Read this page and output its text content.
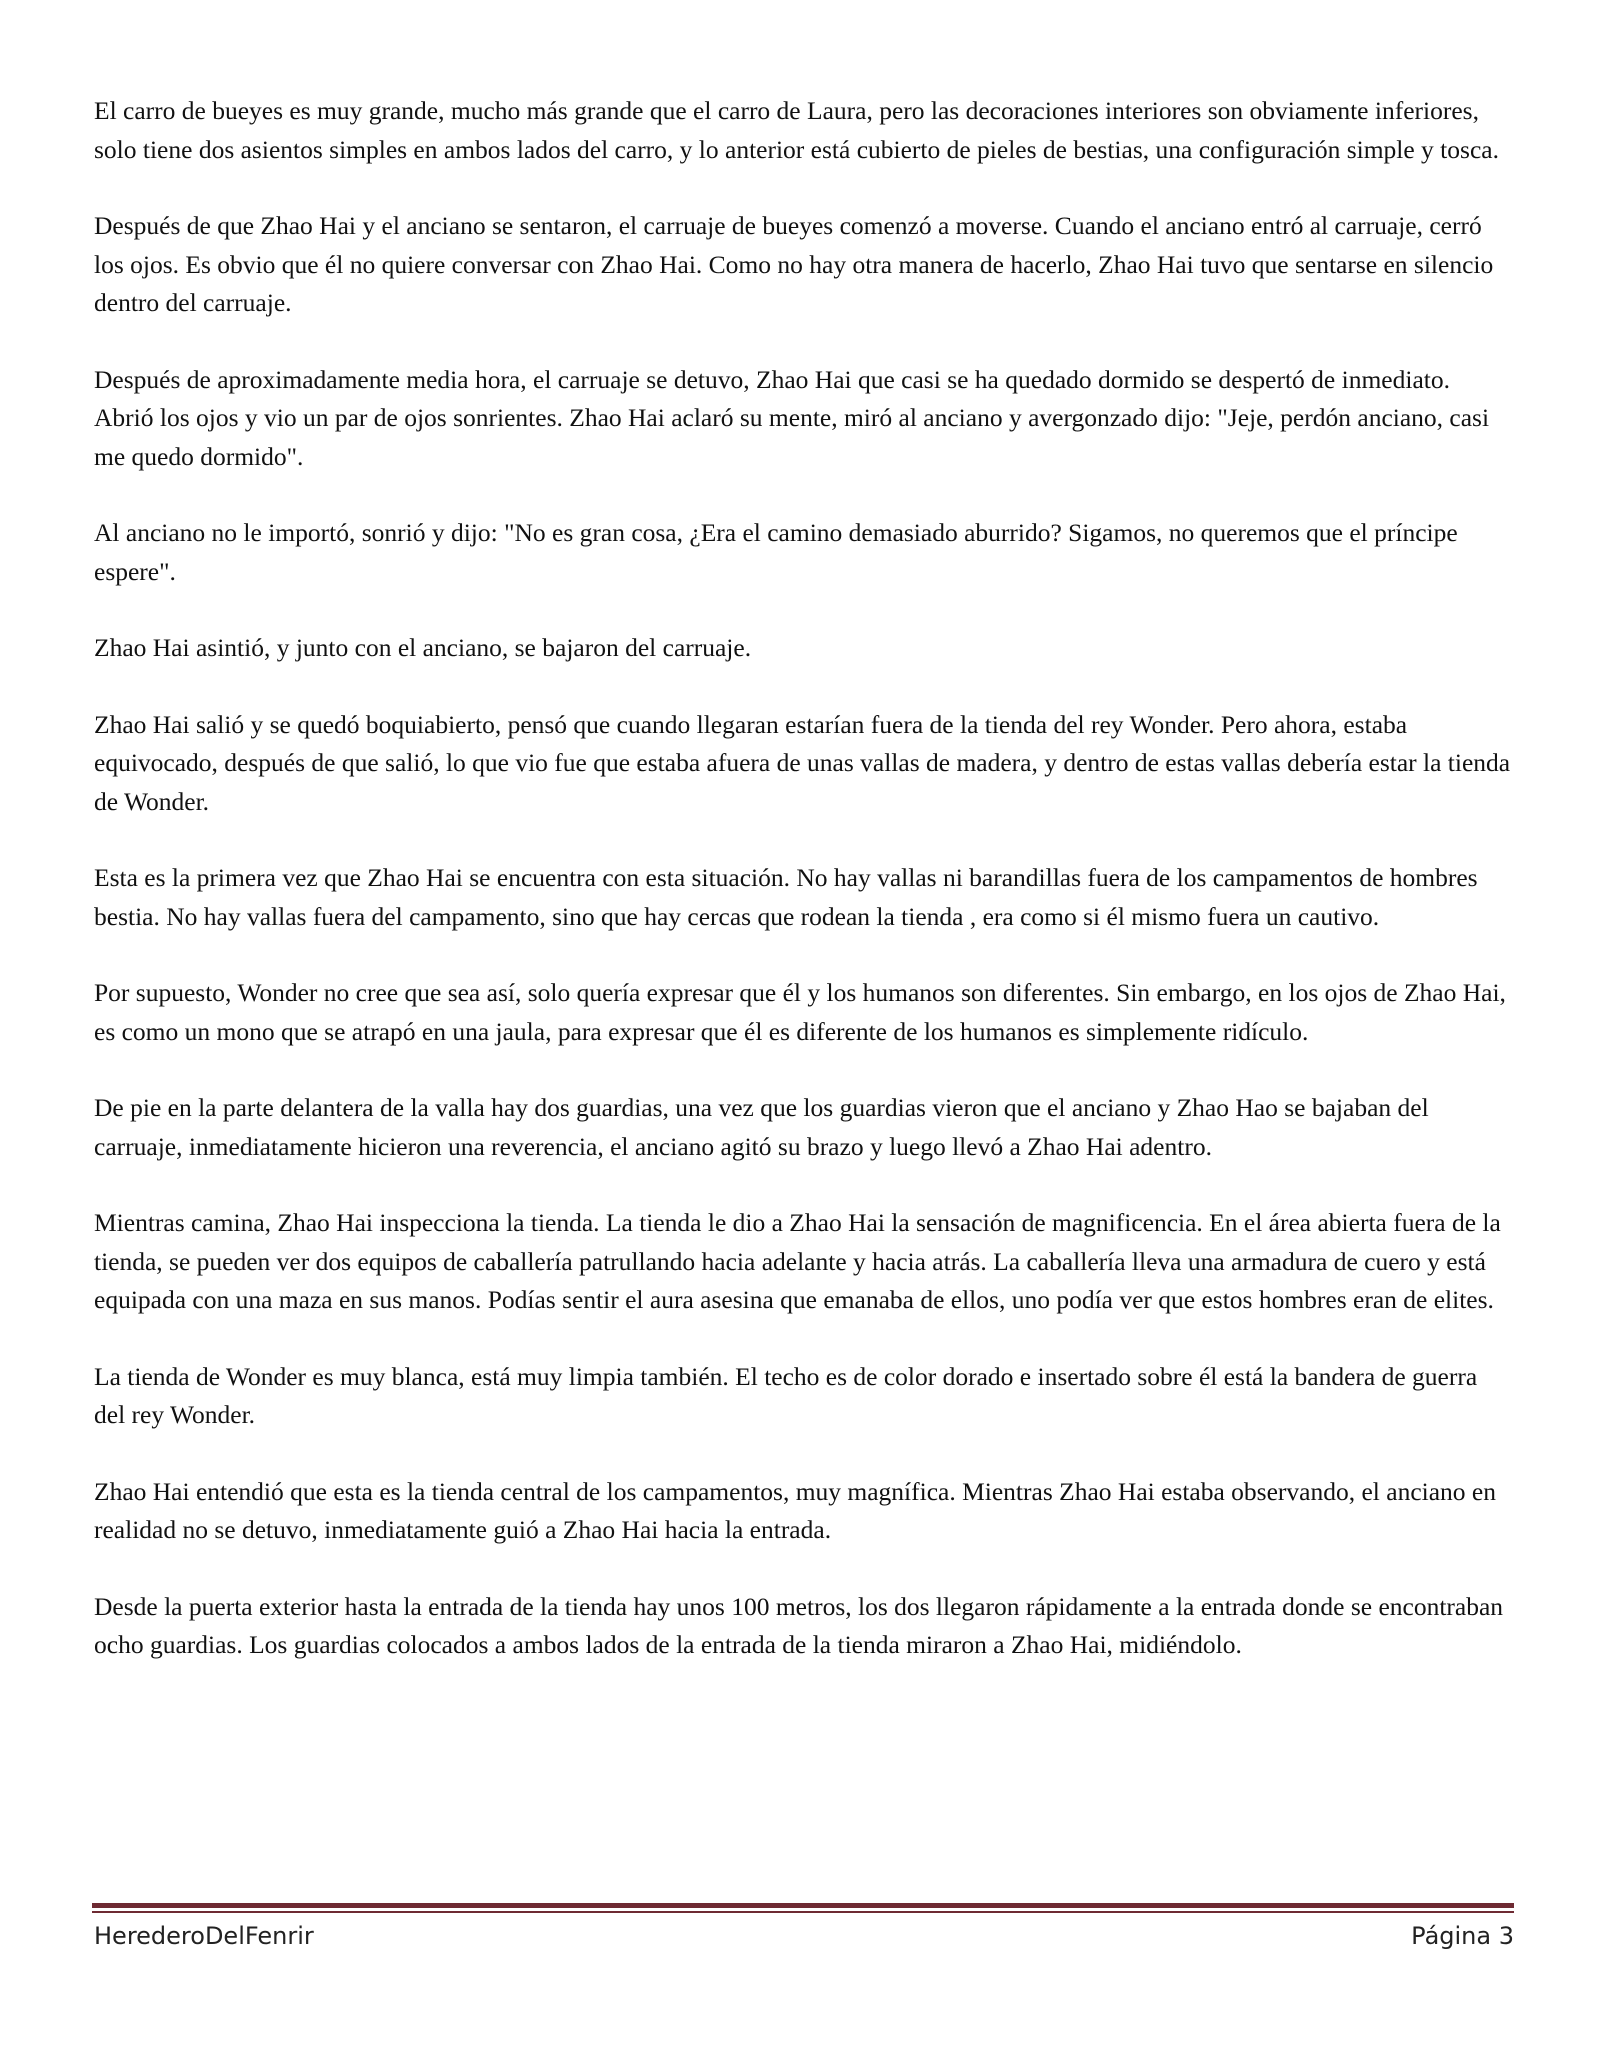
El carro de bueyes es muy grande, mucho más grande que el carro de Laura, pero las decoraciones interiores son obviamente inferiores, solo tiene dos asientos simples en ambos lados del carro, y lo anterior está cubierto de pieles de bestias, una configuración simple y tosca.

Después de que Zhao Hai y el anciano se sentaron, el carruaje de bueyes comenzó a moverse. Cuando el anciano entró al carruaje, cerró los ojos. Es obvio que él no quiere conversar con Zhao Hai. Como no hay otra manera de hacerlo, Zhao Hai tuvo que sentarse en silencio dentro del carruaje.

Después de aproximadamente media hora, el carruaje se detuvo, Zhao Hai que casi se ha quedado dormido se despertó de inmediato. Abrió los ojos y vio un par de ojos sonrientes. Zhao Hai aclaró su mente, miró al anciano y avergonzado dijo: "Jeje, perdón anciano, casi me quedo dormido".

Al anciano no le importó, sonrió y dijo: "No es gran cosa, ¿Era el camino demasiado aburrido? Sigamos, no queremos que el príncipe espere".

Zhao Hai asintió, y junto con el anciano, se bajaron del carruaje.

Zhao Hai salió y se quedó boquiabierto, pensó que cuando llegaran estarían fuera de la tienda del rey Wonder. Pero ahora, estaba equivocado, después de que salió, lo que vio fue que estaba afuera de unas vallas de madera, y dentro de estas vallas debería estar la tienda de Wonder.

Esta es la primera vez que Zhao Hai se encuentra con esta situación. No hay vallas ni barandillas fuera de los campamentos de hombres bestia. No hay vallas fuera del campamento, sino que hay cercas que rodean la tienda , era como si él mismo fuera un cautivo.

Por supuesto, Wonder no cree que sea así, solo quería expresar que él y los humanos son diferentes. Sin embargo, en los ojos de Zhao Hai, es como un mono que se atrapó en una jaula, para expresar que él es diferente de los humanos es simplemente ridículo.

De pie en la parte delantera de la valla hay dos guardias, una vez que los guardias vieron que el anciano y Zhao Hao se bajaban del carruaje, inmediatamente hicieron una reverencia, el anciano agitó su brazo y luego llevó a Zhao Hai adentro.

Mientras camina, Zhao Hai inspecciona la tienda. La tienda le dio a Zhao Hai la sensación de magnificencia. En el área abierta fuera de la tienda, se pueden ver dos equipos de caballería patrullando hacia adelante y hacia atrás. La caballería lleva una armadura de cuero y está equipada con una maza en sus manos. Podías sentir el aura asesina que emanaba de ellos, uno podía ver que estos hombres eran de elites.

La tienda de Wonder es muy blanca, está muy limpia también. El techo es de color dorado e insertado sobre él está la bandera de guerra del rey Wonder.

Zhao Hai entendió que esta es la tienda central de los campamentos, muy magnífica. Mientras Zhao Hai estaba observando, el anciano en realidad no se detuvo, inmediatamente guió a Zhao Hai hacia la entrada.

Desde la puerta exterior hasta la entrada de la tienda hay unos 100 metros, los dos llegaron rápidamente a la entrada donde se encontraban ocho guardias. Los guardias colocados a ambos lados de la entrada de la tienda miraron a Zhao Hai, midiéndolo.

HerederoDelFenrir	Página 3
